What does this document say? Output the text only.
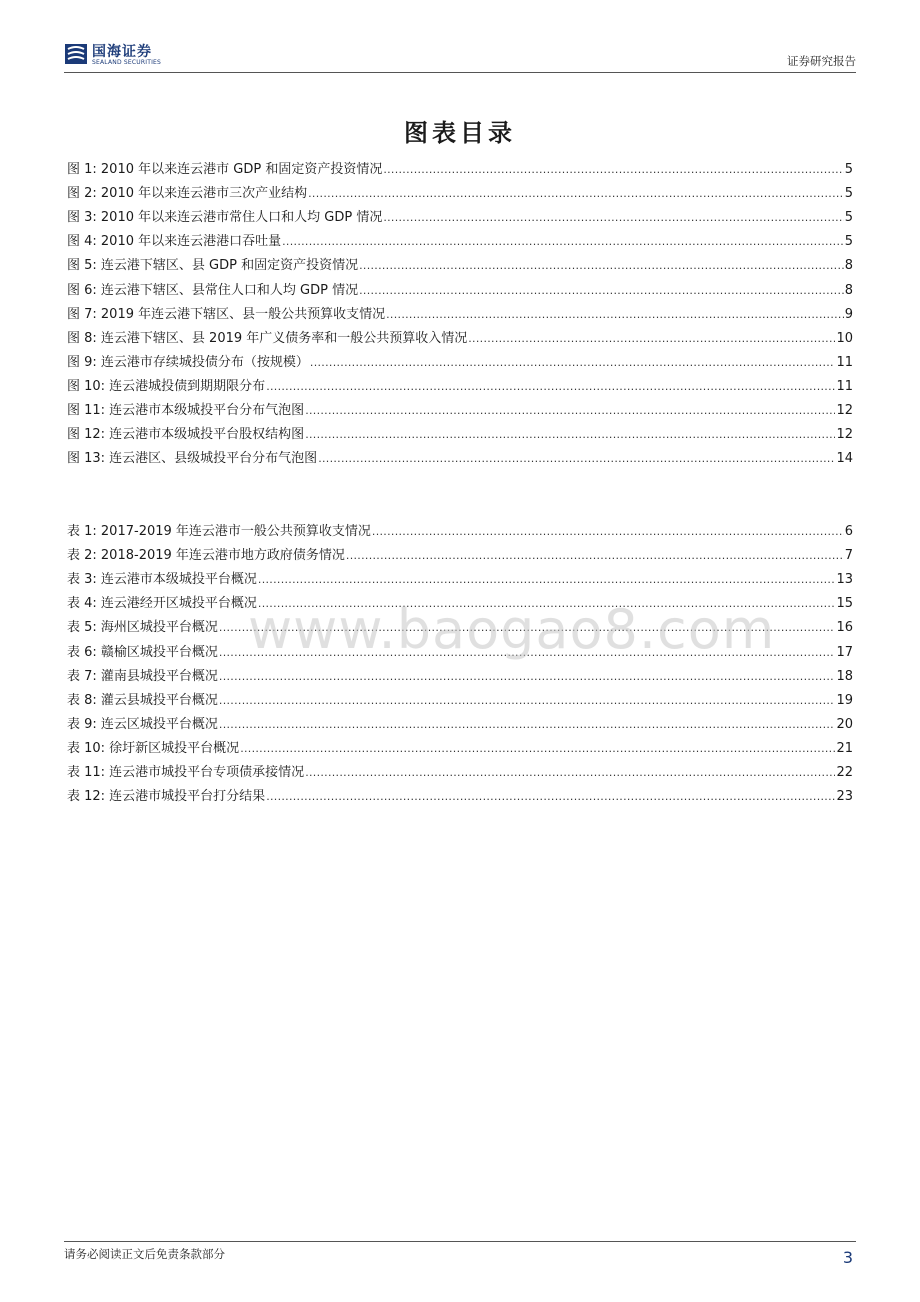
国海证券
SEALAND SECURITIES	证券研究报告
图表目录
图 1: 2010 年以来连云港市 GDP 和固定资产投资情况 .....	5
图 2: 2010 年以来连云港市三次产业结构 .....	5
图 3: 2010 年以来连云港市常住人口和人均 GDP 情况 .....	5
图 4: 2010 年以来连云港港口吞吐量 .....	5
图 5: 连云港下辖区、县 GDP 和固定资产投资情况 .....	8
图 6: 连云港下辖区、县常住人口和人均 GDP 情况 .....	8
图 7: 2019 年连云港下辖区、县一般公共预算收支情况 .....	9
图 8: 连云港下辖区、县 2019 年广义债务率和一般公共预算收入情况 .....	10
图 9: 连云港市存续城投债分布（按规模） .....	11
图 10: 连云港城投债到期期限分布 .....	11
图 11: 连云港市本级城投平台分布气泡图 .....	12
图 12: 连云港市本级城投平台股权结构图 .....	12
图 13: 连云港区、县级城投平台分布气泡图 .....	14
表 1: 2017-2019 年连云港市一般公共预算收支情况 .....	6
表 2: 2018-2019 年连云港市地方政府债务情况 .....	7
表 3: 连云港市本级城投平台概况 .....	13
表 4: 连云港经开区城投平台概况 .....	15
表 5: 海州区城投平台概况 .....	16
表 6: 赣榆区城投平台概况 .....	17
表 7: 灌南县城投平台概况 .....	18
表 8: 灌云县城投平台概况 .....	19
表 9: 连云区城投平台概况 .....	20
表 10: 徐圩新区城投平台概况 .....	21
表 11: 连云港市城投平台专项债承接情况 .....	22
表 12: 连云港市城投平台打分结果 .....	23
www.baogao8.com
请务必阅读正文后免责条款部分	3
